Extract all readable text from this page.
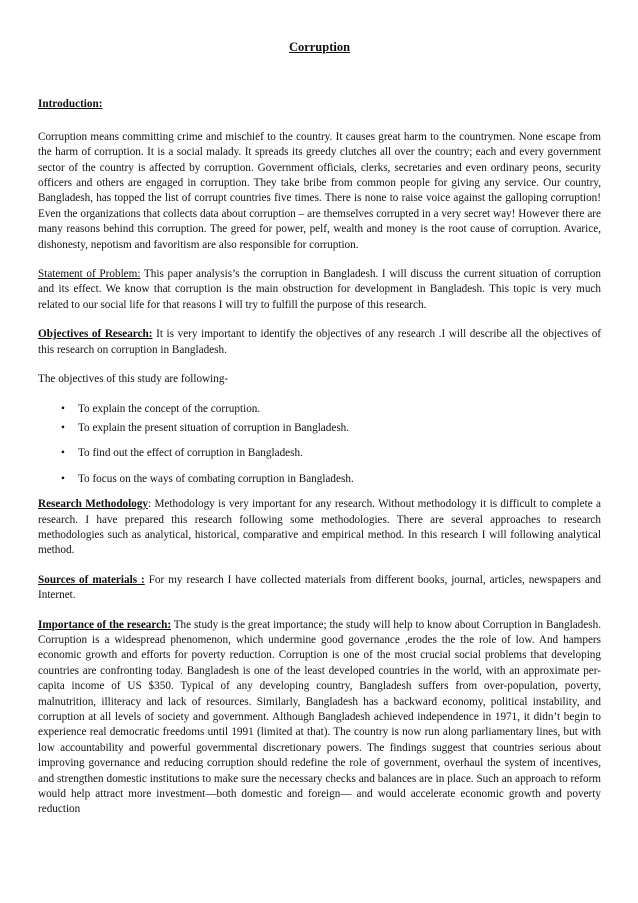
Corruption
Introduction:

Corruption means committing crime and mischief to the country. It causes great harm to the countrymen. None escape from the harm of corruption. It is a social malady. It spreads its greedy clutches all over the country; each and every government sector of the country is affected by corruption. Government officials, clerks, secretaries and even ordinary peons, security officers and others are engaged in corruption. They take bribe from common people for giving any service. Our country, Bangladesh, has topped the list of corrupt countries five times. There is none to raise voice against the galloping corruption! Even the organizations that collects data about corruption – are themselves corrupted in a very secret way! However there are many reasons behind this corruption. The greed for power, pelf, wealth and money is the root cause of corruption. Avarice, dishonesty, nepotism and favoritism are also responsible for corruption.

Statement of Problem: This paper analysis’s the corruption in Bangladesh. I will discuss the current situation of corruption and its effect. We know that corruption is the main obstruction for development in Bangladesh. This topic is very much related to our social life for that reasons I will try to fulfill the purpose of this research.

Objectives of Research: It is very important to identify the objectives of any research .I will describe all the objectives of this research on corruption in Bangladesh.

The objectives of this study are following-

• To explain the concept of the corruption.
• To explain the present situation of corruption in Bangladesh.
• To find out the effect of corruption in Bangladesh.
• To focus on the ways of combating corruption in Bangladesh.

Research Methodology: Methodology is very important for any research. Without methodology it is difficult to complete a research. I have prepared this research following some methodologies. There are several approaches to research methodologies such as analytical, historical, comparative and empirical method. In this research I will following analytical method.

Sources of materials : For my research I have collected materials from different books, journal, articles, newspapers and Internet.

Importance of the research: The study is the great importance; the study will help to know about Corruption in Bangladesh. Corruption is a widespread phenomenon, which undermine good governance ,erodes the the role of low. And hampers economic growth and efforts for poverty reduction. Corruption is one of the most crucial social problems that developing countries are confronting today. Bangladesh is one of the least developed countries in the world, with an approximate per-capita income of US $350. Typical of any developing country, Bangladesh suffers from over-population, poverty, malnutrition, illiteracy and lack of resources. Similarly, Bangladesh has a backward economy, political instability, and corruption at all levels of society and government. Although Bangladesh achieved independence in 1971, it didn’t begin to experience real democratic freedoms until 1991 (limited at that). The country is now run along parliamentary lines, but with low accountability and powerful governmental discretionary powers. The findings suggest that countries serious about improving governance and reducing corruption should redefine the role of government, overhaul the system of incentives, and strengthen domestic institutions to make sure the necessary checks and balances are in place. Such an approach to reform would help attract more investment—both domestic and foreign— and would accelerate economic growth and poverty reduction
